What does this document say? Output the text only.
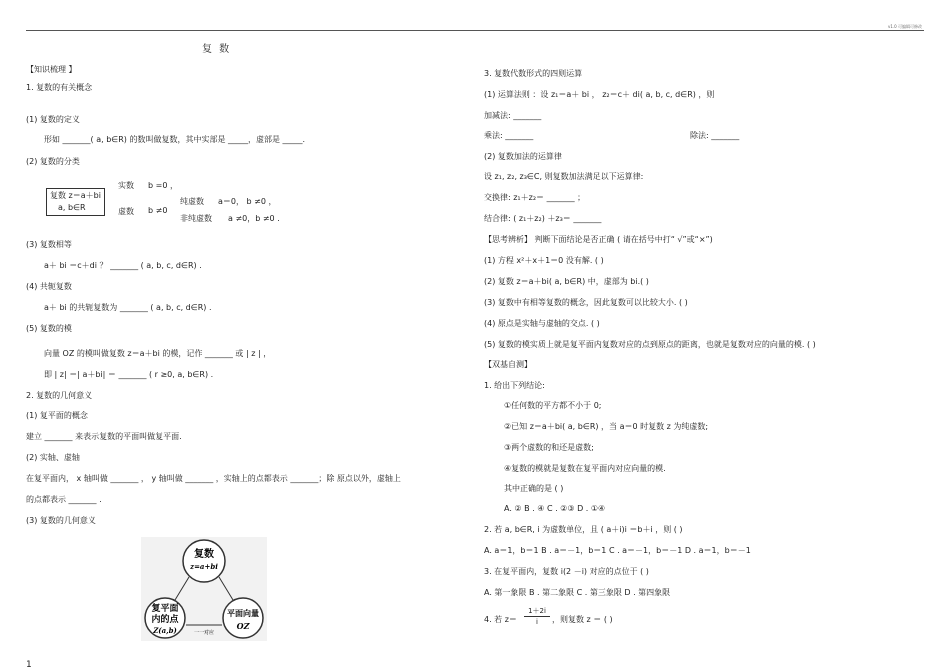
v1.0 可编辑可修改
复 数
【知识梳理 】
1. 复数的有关概念
(1) 复数的定义
形如 _______( a, b∈R) 的数叫做复数，其中实部是 _____，虚部是 _____.
(2) 复数的分类
复数 z＝a＋bi
a, b∈R
实数 b =0 ，
虚数 b ≠0
纯虚数 a＝0， b ≠0 ，
非纯虚数 a ≠0，b ≠0 .
(3) 复数相等
a＋ bi ＝c＋di ？ _______ ( a, b, c, d∈R) .
(4) 共轭复数
a＋ bi 的共轭复数为 _______ ( a, b, c, d∈R) .
(5) 复数的模
向量 OZ 的模叫做复数 z＝a＋bi 的模，记作 _______ 或 | z | ，
即 | z| ＝| a＋bi| ＝ _______ ( r ≥0, a, b∈R) .
2. 复数的几何意义
(1) 复平面的概念
建立 _______ 来表示复数的平面叫做复平面.
(2) 实轴、虚轴
在复平面内， x 轴叫做 _______ ， y 轴叫做 _______ ，实轴上的点都表示 _______；除 原点以外，虚轴上
的点都表示 _______ .
(3) 复数的几何意义
复数
z=a+bi
复平面
内的点
Z(a,b)
平面向量
OZ
一一对应
1
3. 复数代数形式的四则运算
(1) 运算法则 ：设 z₁＝a＋ bi ， z₂＝c＋ di( a, b, c, d∈R) ，则
加减法: _______
乘法: _______	除法: _______
(2) 复数加法的运算律
设 z₁, z₂, z₃∈C, 则复数加法满足以下运算律:
交换律: z₁＋z₂＝ _______ ；
结合律: ( z₁＋z₂) ＋z₃＝ _______
【思考辨析】 判断下面结论是否正确 ( 请在括号中打“ √”或“×”)
(1) 方程 x²＋x＋1＝0 没有解. ( )
(2) 复数 z＝a＋bi( a, b∈R) 中，虚部为 bi.( )
(3) 复数中有相等复数的概念，因此复数可以比较大小. ( )
(4) 原点是实轴与虚轴的交点. ( )
(5) 复数的模实质上就是复平面内复数对应的点到原点的距离，也就是复数对应的向量的模. ( )
【双基自测】
1. 给出下列结论:
①任何数的平方都不小于 0;
②已知 z＝a＋bi( a, b∈R) ，当 a＝0 时复数 z 为纯虚数;
③两个虚数的和还是虚数;
④复数的模就是复数在复平面内对应向量的模.
其中正确的是 ( )
A. ② B . ④ C . ②③ D . ①④
2. 若 a, b∈R, i 为虚数单位，且 ( a＋i)i ＝b＋i ，则 ( )
A. a＝1，b＝1 B . a＝－1，b＝1 C . a＝－1，b＝－1 D . a＝1，b＝－1
3. 在复平面内，复数 i(2 －i) 对应的点位于 ( )
A. 第一象限 B . 第二象限 C . 第三象限 D . 第四象限
4. 若 z＝
1＋2i
i	，则复数 z ＝ ( )
